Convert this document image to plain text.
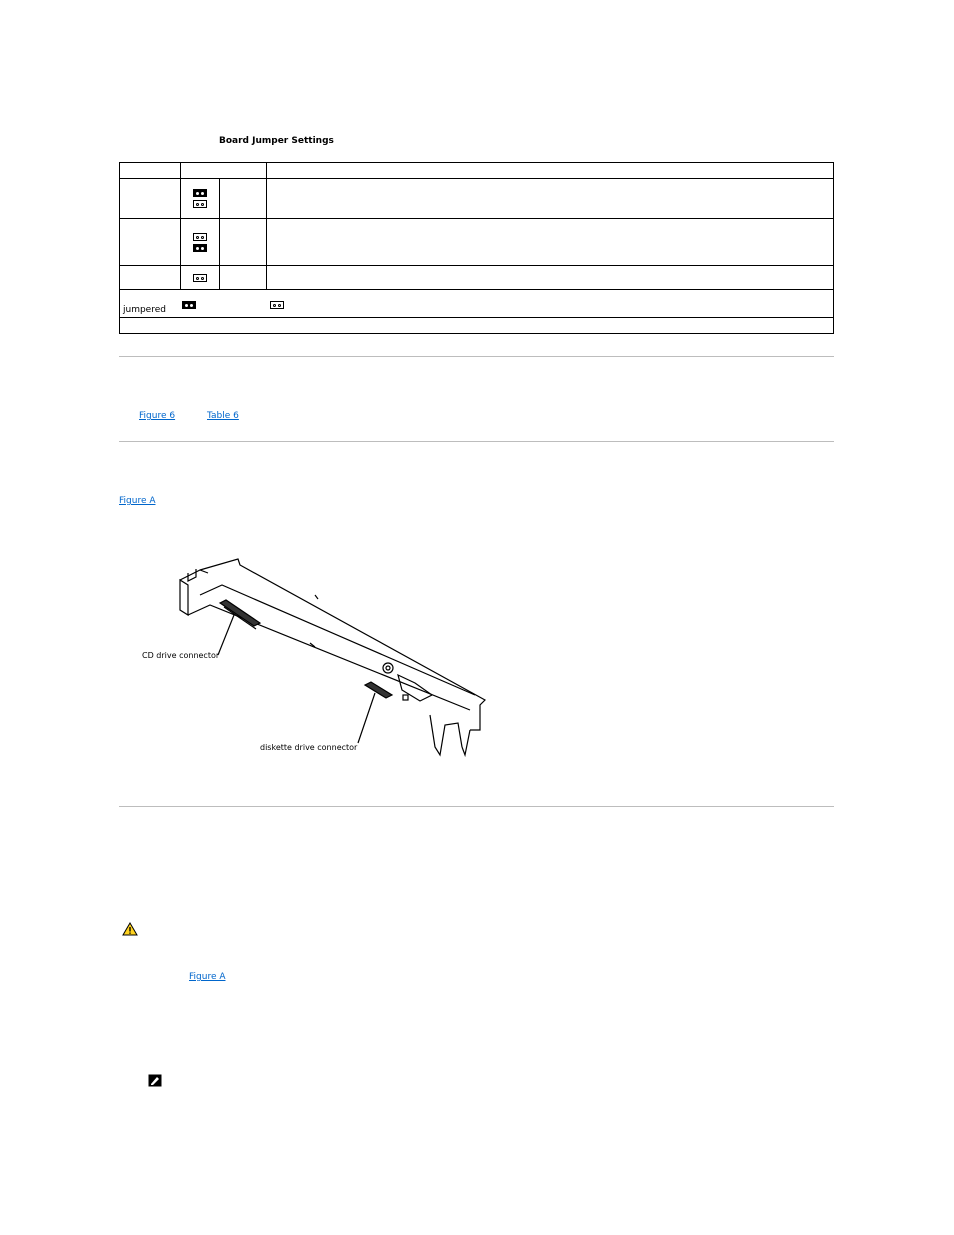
Board Jumper Settings

jumpered			

Figure 6	Table 6
Figure A
CD drive connector
diskette drive connector
Figure A
